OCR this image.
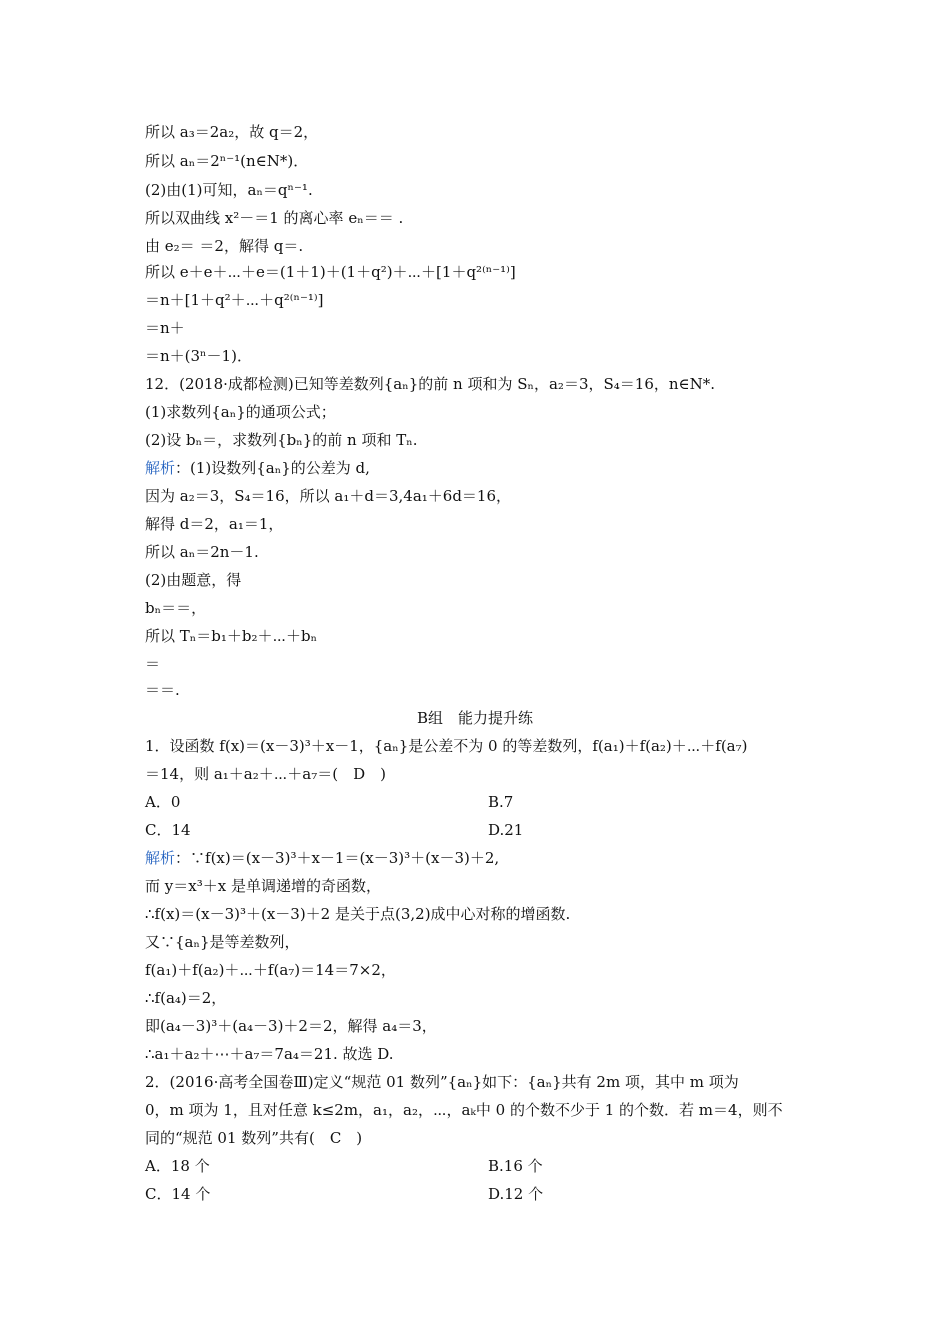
所以 a₃＝2a₂，故 q＝2，
所以 aₙ＝2ⁿ⁻¹(n∈N*)．
(2)由(1)可知，aₙ＝qⁿ⁻¹.
所以双曲线 x²－＝1 的离心率 eₙ＝＝ .
由 e₂＝ ＝2，解得 q＝.
所以 e＋e＋⋯＋e＝(1＋1)＋(1＋q²)＋⋯＋[1＋q²⁽ⁿ⁻¹⁾]
＝n＋[1＋q²＋⋯＋q²⁽ⁿ⁻¹⁾]
＝n＋
＝n＋(3ⁿ－1)．
12．(2018·成都检测)已知等差数列{aₙ}的前 n 项和为 Sₙ，a₂＝3，S₄＝16，n∈N*.
(1)求数列{aₙ}的通项公式；
(2)设 bₙ＝，求数列{bₙ}的前 n 项和 Tₙ.
解析：(1)设数列{aₙ}的公差为 d,
因为 a₂＝3，S₄＝16，所以 a₁＋d＝3,4a₁＋6d＝16，
解得 d＝2，a₁＝1，
所以 aₙ＝2n－1.
(2)由题意，得
bₙ＝＝，
所以 Tₙ＝b₁＋b₂＋⋯＋bₙ
＝
＝＝.
B组　能力提升练
1．设函数 f(x)＝(x－3)³＋x－1，{aₙ}是公差不为 0 的等差数列，f(a₁)＋f(a₂)＋⋯＋f(a₇)
＝14，则 a₁＋a₂＋⋯＋a₇＝(　D　)
A．0	B.7
C．14	D.21
解析：∵f(x)＝(x－3)³＋x－1＝(x－3)³＋(x－3)＋2,
而 y＝x³＋x 是单调递增的奇函数，
∴f(x)＝(x－3)³＋(x－3)＋2 是关于点(3,2)成中心对称的增函数.
又∵{aₙ}是等差数列，
f(a₁)＋f(a₂)＋⋯＋f(a₇)＝14＝7×2，
∴f(a₄)＝2，
即(a₄－3)³＋(a₄－3)＋2＝2，解得 a₄＝3，
∴a₁＋a₂＋⋯＋a₇＝7a₄＝21. 故选 D.
2．(2016·高考全国卷Ⅲ)定义“规范 01 数列”{aₙ}如下：{aₙ}共有 2m 项，其中 m 项为
0，m 项为 1，且对任意 k≤2m，a₁，a₂，⋯，aₖ中 0 的个数不少于 1 的个数．若 m＝4，则不
同的“规范 01 数列”共有(　C　)
A．18 个	B.16 个
C．14 个	D.12 个
